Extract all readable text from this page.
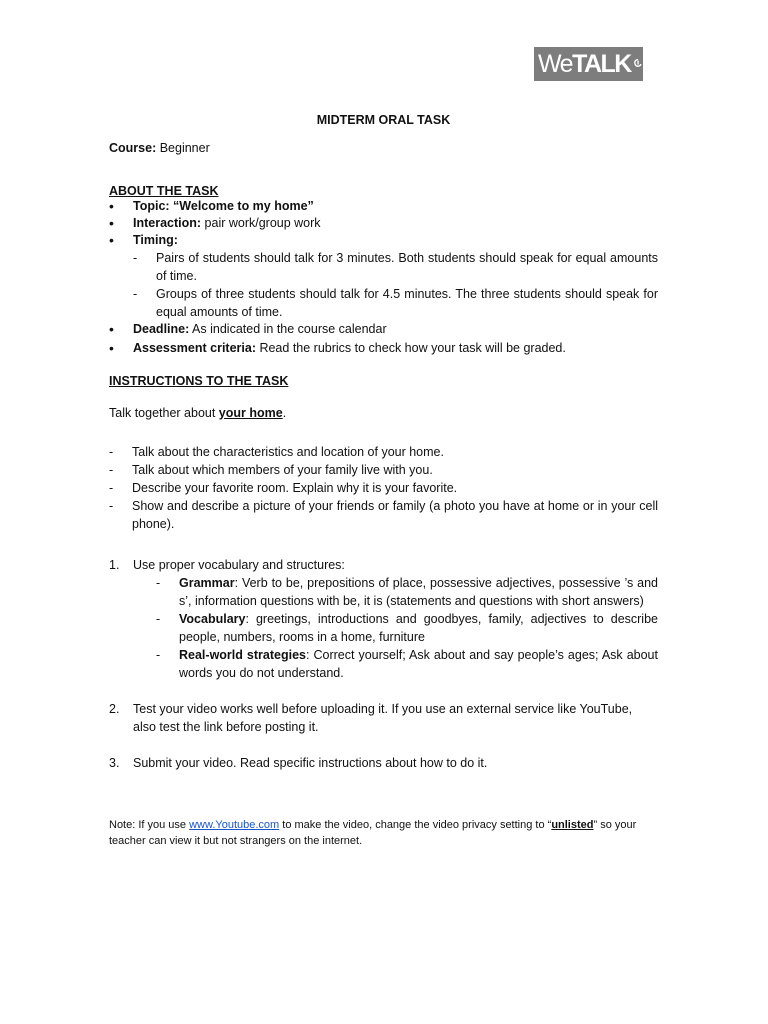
WeTALK
MIDTERM ORAL TASK
Course: Beginner
ABOUT THE TASK
• Topic: “Welcome to my home”
• Interaction: pair work/group work
• Timing:
- Pairs of students should talk for 3 minutes. Both students should speak for equal amounts of time.
- Groups of three students should talk for 4.5 minutes. The three students should speak for equal amounts of time.
• Deadline: As indicated in the course calendar
• Assessment criteria: Read the rubrics to check how your task will be graded.
INSTRUCTIONS TO THE TASK
Talk together about your home.
- Talk about the characteristics and location of your home.
- Talk about which members of your family live with you.
- Describe your favorite room. Explain why it is your favorite.
- Show and describe a picture of your friends or family (a photo you have at home or in your cell phone).
1. Use proper vocabulary and structures:
- Grammar: Verb to be, prepositions of place, possessive adjectives, possessive ’s and s’, information questions with be, it is (statements and questions with short answers)
- Vocabulary: greetings, introductions and goodbyes, family, adjectives to describe people, numbers, rooms in a home, furniture
- Real-world strategies: Correct yourself; Ask about and say people’s ages; Ask about words you do not understand.
2. Test your video works well before uploading it. If you use an external service like YouTube, also test the link before posting it.
3. Submit your video. Read specific instructions about how to do it.
Note: If you use www.Youtube.com to make the video, change the video privacy setting to “unlisted” so your teacher can view it but not strangers on the internet.
